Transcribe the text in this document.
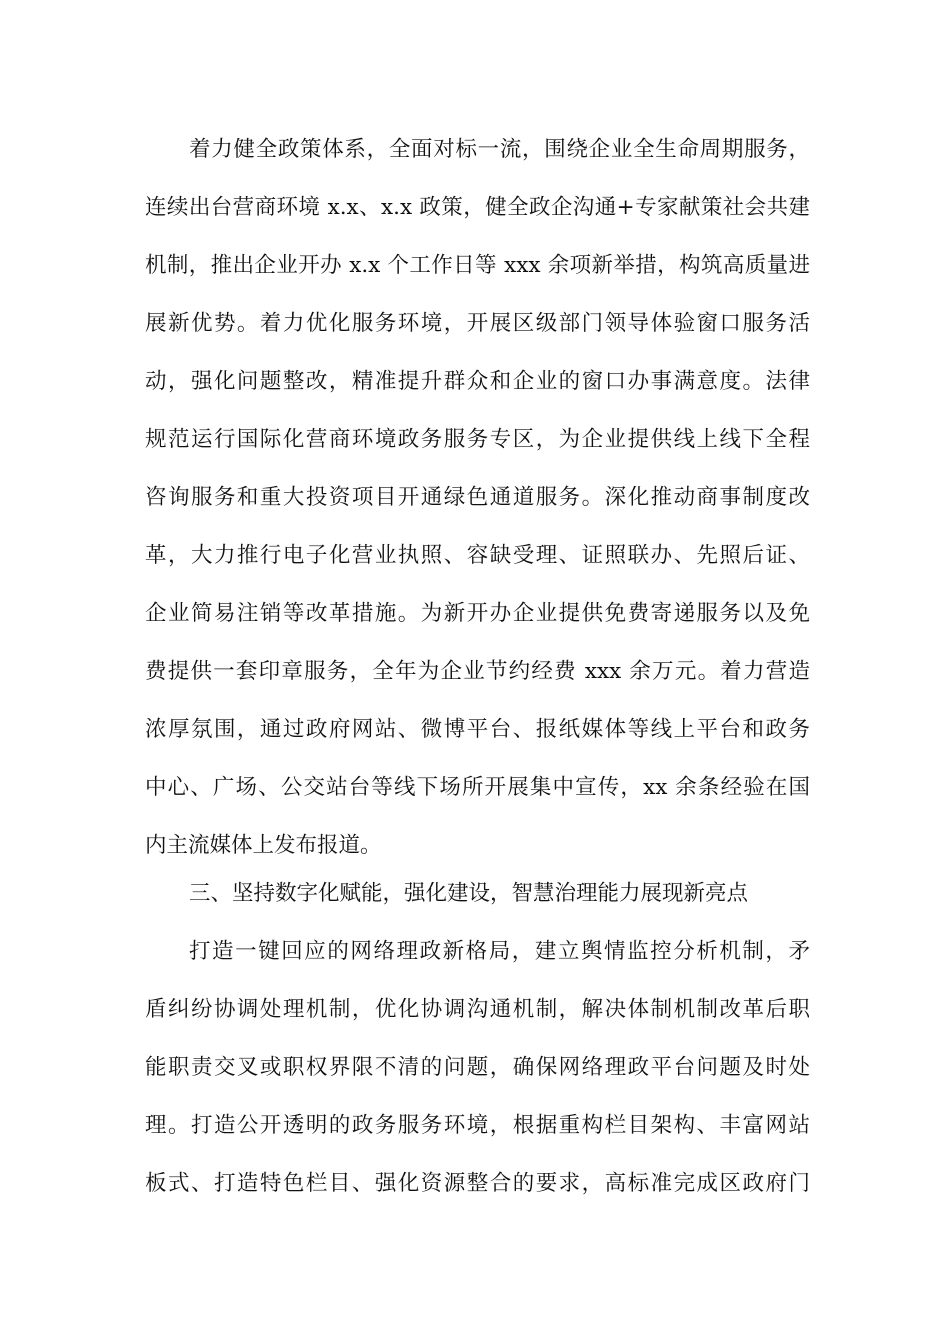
着力健全政策体系，全面对标一流，围绕企业全生命周期服务，
连续出台营商环境 x.x、x.x 政策，健全政企沟通+专家献策社会共建
机制，推出企业开办 x.x 个工作日等 xxx 余项新举措，构筑高质量进
展新优势。着力优化服务环境，开展区级部门领导体验窗口服务活
动，强化问题整改，精准提升群众和企业的窗口办事满意度。法律
规范运行国际化营商环境政务服务专区，为企业提供线上线下全程
咨询服务和重大投资项目开通绿色通道服务。深化推动商事制度改
革，大力推行电子化营业执照、容缺受理、证照联办、先照后证、
企业简易注销等改革措施。为新开办企业提供免费寄递服务以及免
费提供一套印章服务，全年为企业节约经费 xxx 余万元。着力营造
浓厚氛围，通过政府网站、微博平台、报纸媒体等线上平台和政务
中心、广场、公交站台等线下场所开展集中宣传，xx 余条经验在国
内主流媒体上发布报道。
三、坚持数字化赋能，强化建设，智慧治理能力展现新亮点
打造一键回应的网络理政新格局，建立舆情监控分析机制，矛
盾纠纷协调处理机制，优化协调沟通机制，解决体制机制改革后职
能职责交叉或职权界限不清的问题，确保网络理政平台问题及时处
理。打造公开透明的政务服务环境，根据重构栏目架构、丰富网站
板式、打造特色栏目、强化资源整合的要求，高标准完成区政府门
